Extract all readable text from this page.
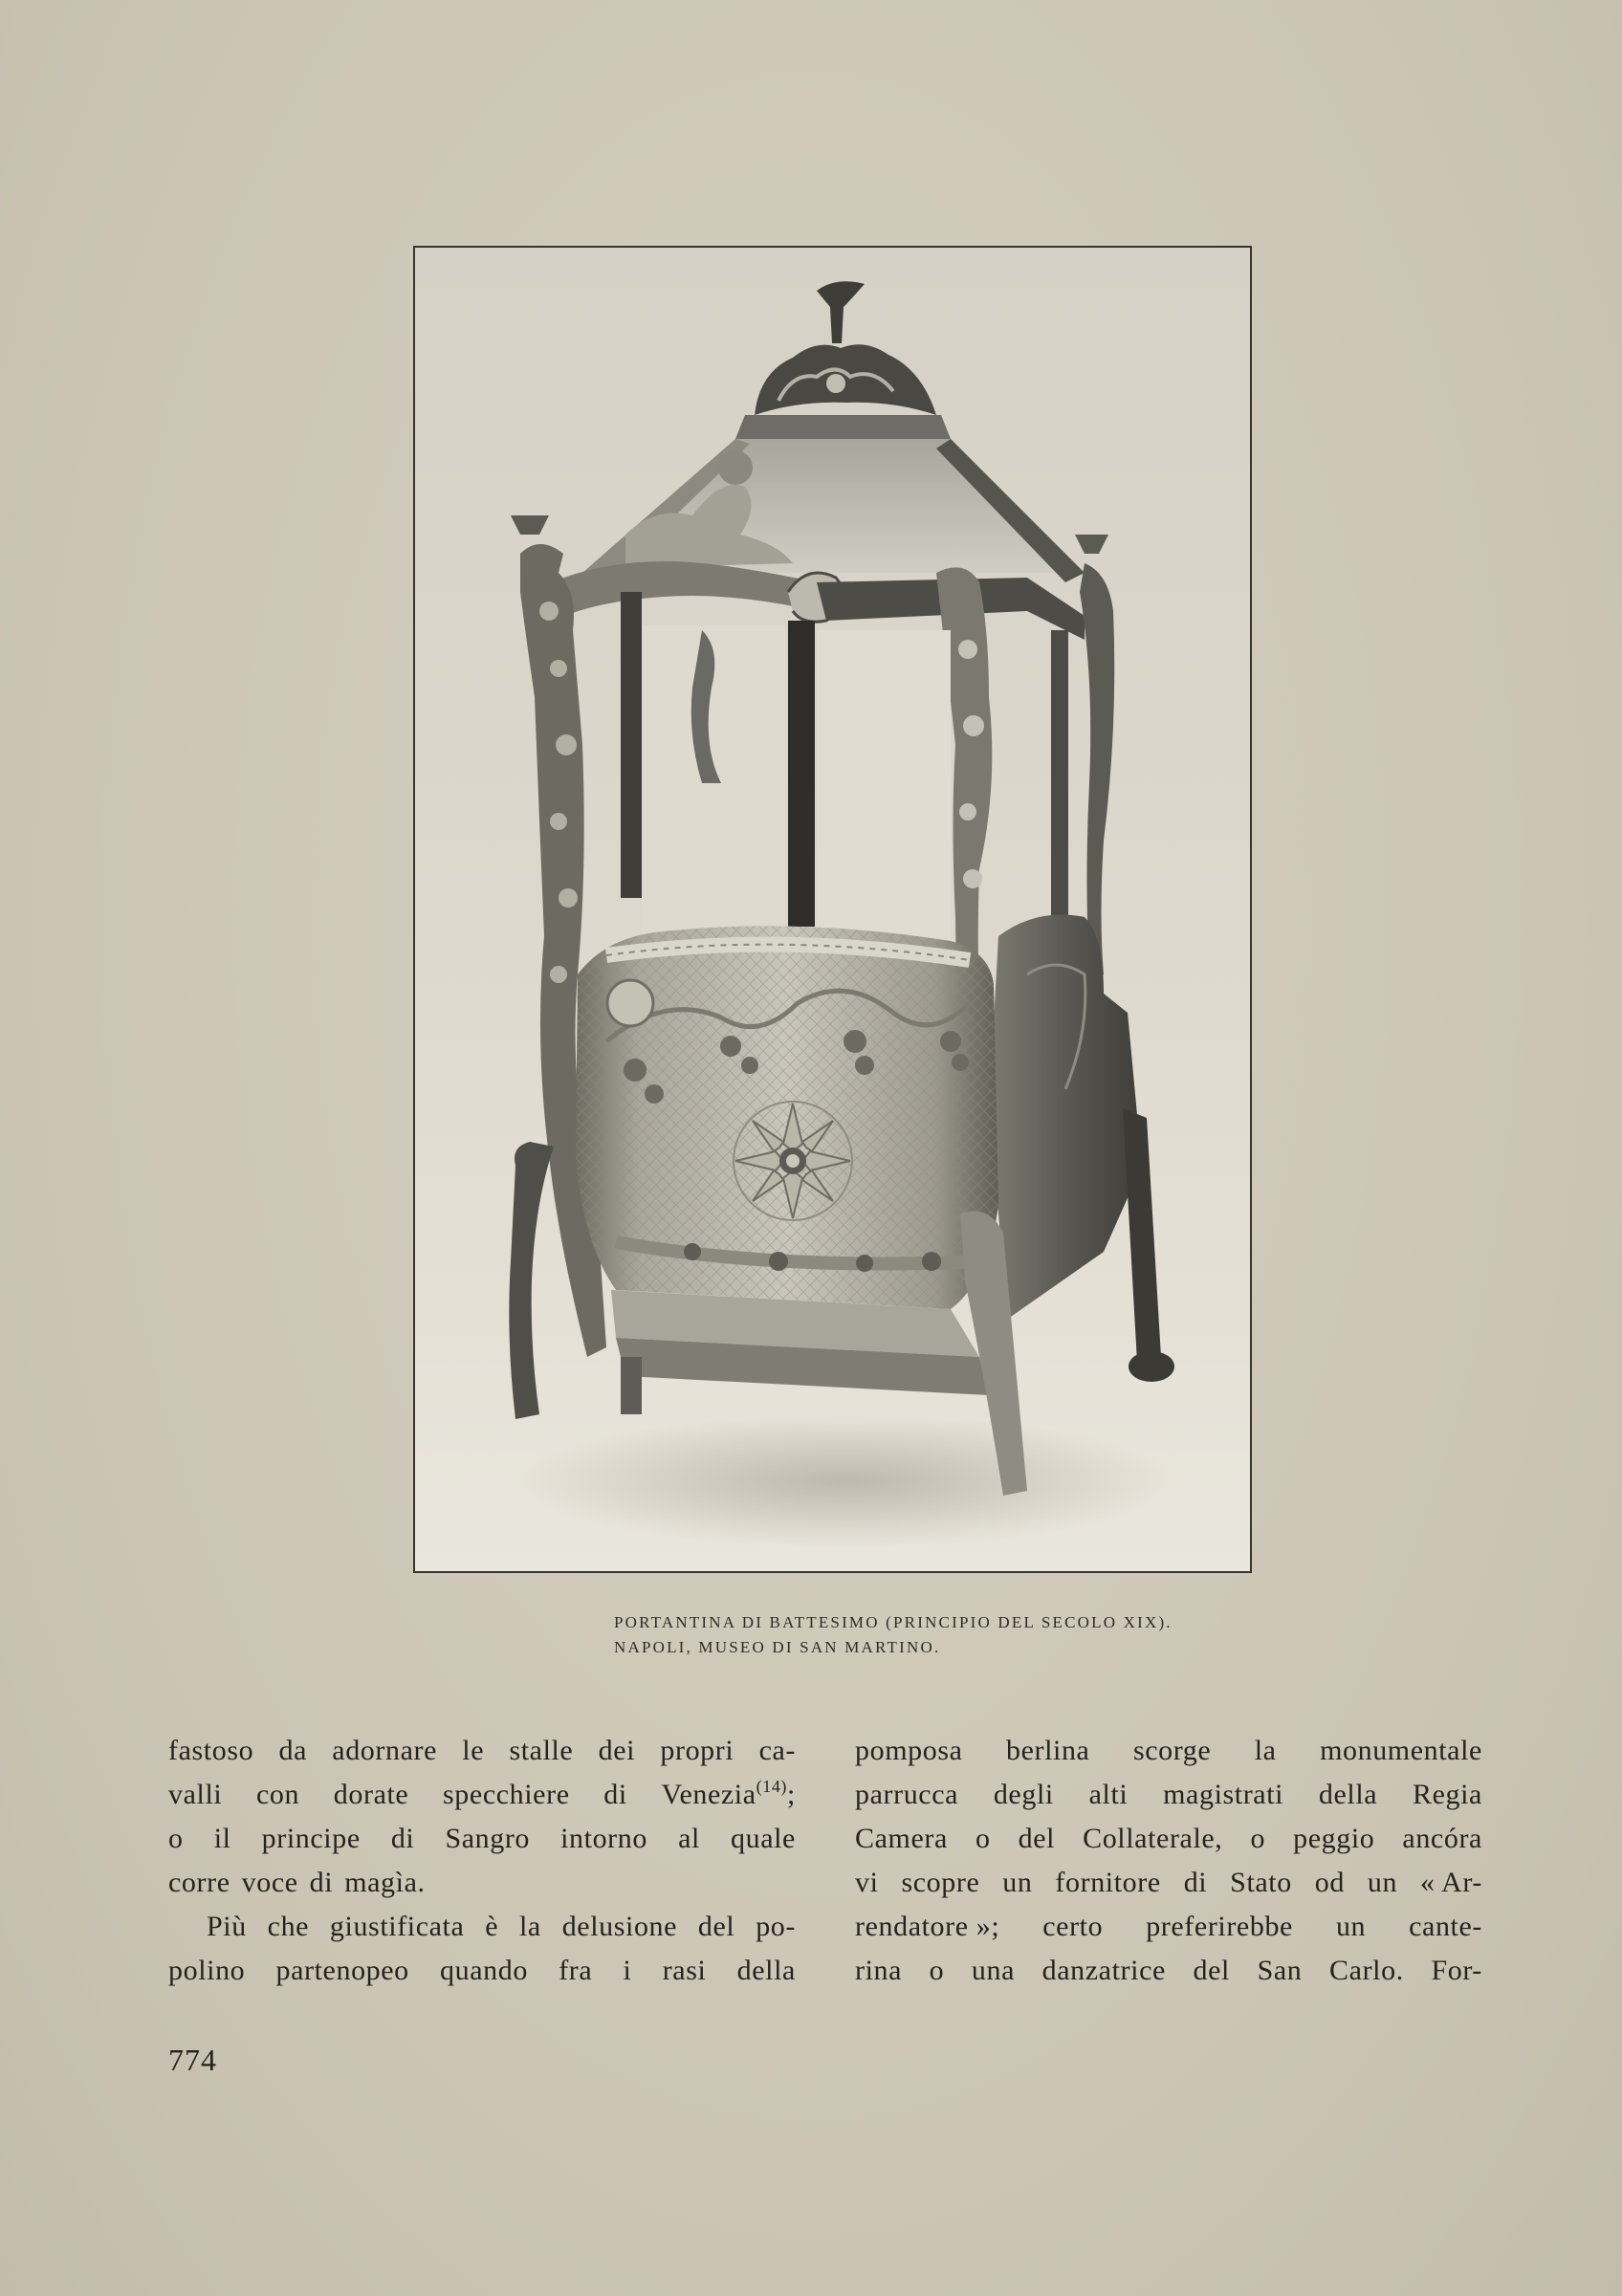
PORTANTINA DI BATTESIMO (PRINCIPIO DEL SECOLO XIX).
NAPOLI, MUSEO DI SAN MARTINO.
fastoso da adornare le stalle dei propri ca-
valli con dorate specchiere di Venezia$^{(14)}$;
o il principe di Sangro intorno al quale
corre voce di magìa.
Più che giustificata è la delusione del po-
polino partenopeo quando fra i rasi della
pomposa berlina scorge la monumentale
parrucca degli alti magistrati della Regia
Camera o del Collaterale, o peggio ancóra
vi scopre un fornitore di Stato od un « Ar-
rendatore »; certo preferirebbe un cante-
rina o una danzatrice del San Carlo. For-
774
